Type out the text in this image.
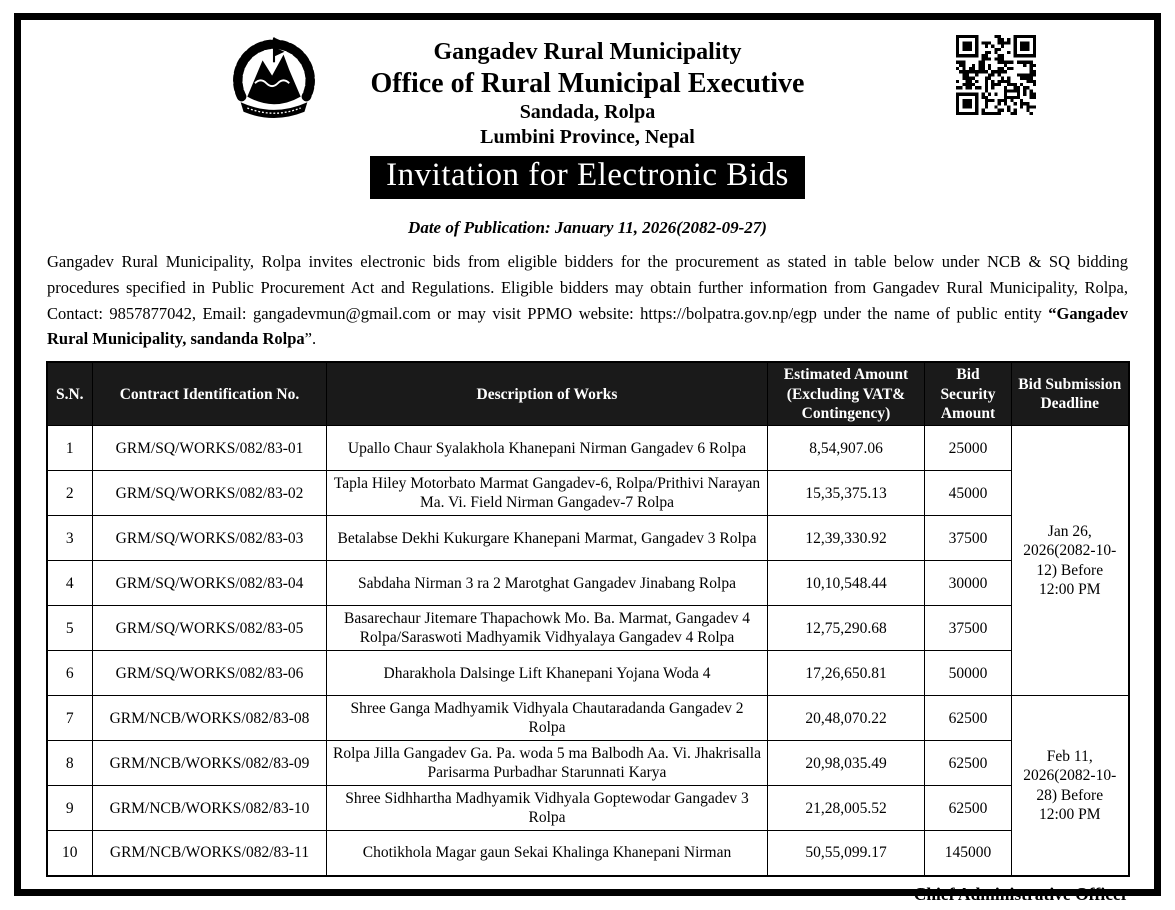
Gangadev Rural Municipality
Office of Rural Municipal Executive
Sandada, Rolpa
Lumbini Province, Nepal
Invitation for Electronic Bids
Date of Publication: January 11, 2026(2082-09-27)

Gangadev Rural Municipality, Rolpa invites electronic bids from eligible bidders for the procurement as stated in table below under NCB & SQ bidding procedures specified in Public Procurement Act and Regulations. Eligible bidders may obtain further information from Gangadev Rural Municipality, Rolpa, Contact: 9857877042, Email: gangadevmun@gmail.com or may visit PPMO website: https://bolpatra.gov.np/egp under the name of public entity “Gangadev Rural Municipality, sandanda Rolpa”.

S.N.	Contract Identification No.	Description of Works	Estimated Amount (Excluding VAT& Contingency)	Bid Security Amount	Bid Submission Deadline
1	GRM/SQ/WORKS/082/83-01	Upallo Chaur Syalakhola Khanepani Nirman Gangadev 6 Rolpa	8,54,907.06	25000	Jan 26, 2026(2082-10-12) Before 12:00 PM
2	GRM/SQ/WORKS/082/83-02	Tapla Hiley Motorbato Marmat Gangadev-6, Rolpa/Prithivi Narayan Ma. Vi. Field Nirman Gangadev-7 Rolpa	15,35,375.13	45000	
3	GRM/SQ/WORKS/082/83-03	Betalabse Dekhi Kukurgare Khanepani Marmat, Gangadev 3 Rolpa	12,39,330.92	37500	
4	GRM/SQ/WORKS/082/83-04	Sabdaha Nirman 3 ra 2 Marotghat Gangadev Jinabang Rolpa	10,10,548.44	30000	
5	GRM/SQ/WORKS/082/83-05	Basarechaur Jitemare Thapachowk Mo. Ba. Marmat, Gangadev 4 Rolpa/Saraswoti Madhyamik Vidhyalaya Gangadev 4 Rolpa	12,75,290.68	37500	
6	GRM/SQ/WORKS/082/83-06	Dharakhola Dalsinge Lift Khanepani Yojana Woda 4	17,26,650.81	50000	
7	GRM/NCB/WORKS/082/83-08	Shree Ganga Madhyamik Vidhyala Chautaradanda Gangadev 2 Rolpa	20,48,070.22	62500	Feb 11, 2026(2082-10-28) Before 12:00 PM
8	GRM/NCB/WORKS/082/83-09	Rolpa Jilla Gangadev Ga. Pa. woda 5 ma Balbodh Aa. Vi. Jhakrisalla Parisarma Purbadhar Starunnati Karya	20,98,035.49	62500	
9	GRM/NCB/WORKS/082/83-10	Shree Sidhhartha Madhyamik Vidhyala Goptewodar Gangadev 3 Rolpa	21,28,005.52	62500	
10	GRM/NCB/WORKS/082/83-11	Chotikhola Magar gaun Sekai Khalinga Khanepani Nirman	50,55,099.17	145000	
Chief Administrative Officer
